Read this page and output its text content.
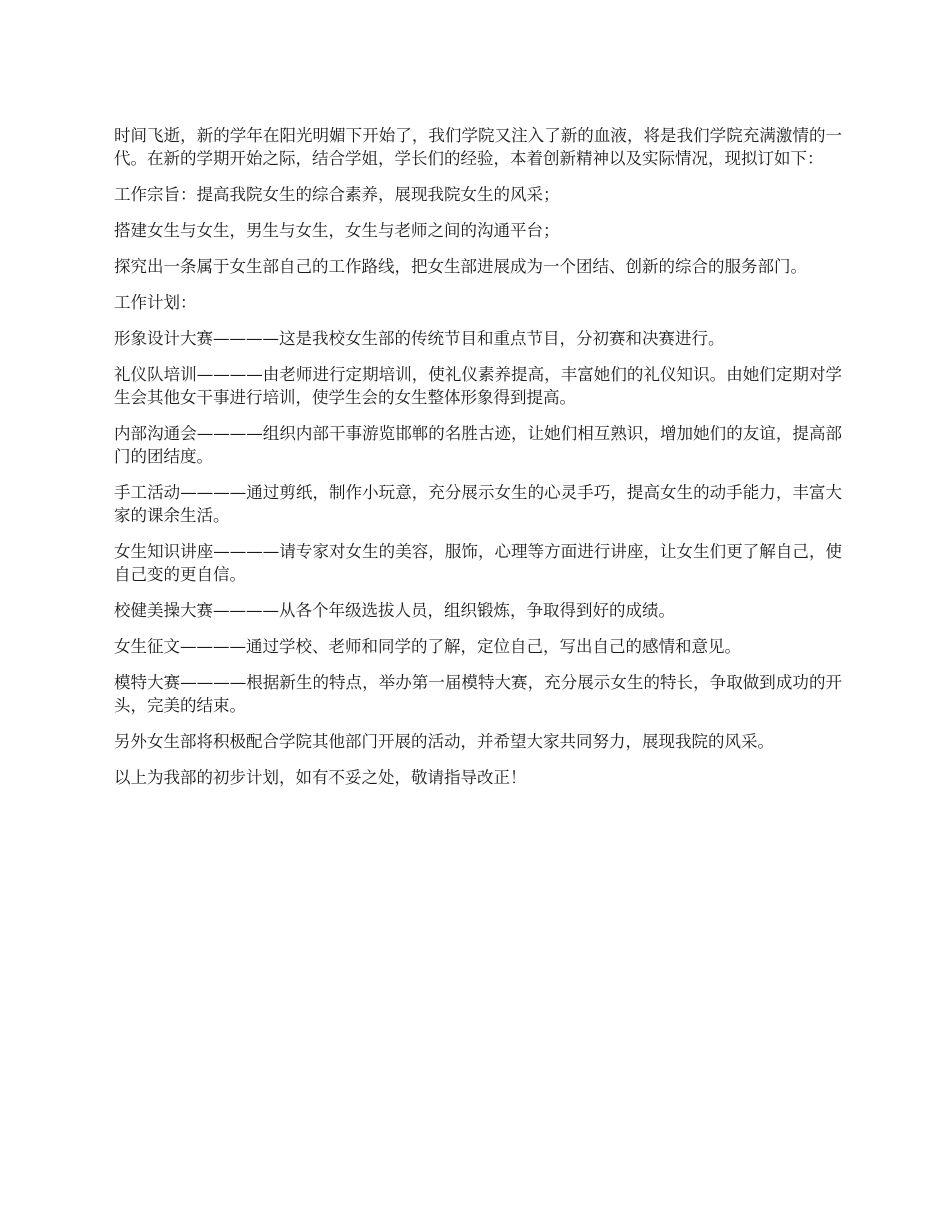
时间飞逝，新的学年在阳光明媚下开始了，我们学院又注入了新的血液，将是我们学院充满激情的一代。在新的学期开始之际，结合学姐，学长们的经验，本着创新精神以及实际情况，现拟订如下：

工作宗旨：提高我院女生的综合素养，展现我院女生的风采；

搭建女生与女生，男生与女生，女生与老师之间的沟通平台；

探究出一条属于女生部自己的工作路线，把女生部进展成为一个团结、创新的综合的服务部门。

工作计划：

形象设计大赛————这是我校女生部的传统节目和重点节目，分初赛和决赛进行。

礼仪队培训————由老师进行定期培训，使礼仪素养提高，丰富她们的礼仪知识。由她们定期对学生会其他女干事进行培训，使学生会的女生整体形象得到提高。

内部沟通会————组织内部干事游览邯郸的名胜古迹，让她们相互熟识，增加她们的友谊，提高部门的团结度。

手工活动————通过剪纸，制作小玩意，充分展示女生的心灵手巧，提高女生的动手能力，丰富大家的课余生活。

女生知识讲座————请专家对女生的美容，服饰，心理等方面进行讲座，让女生们更了解自己，使自己变的更自信。

校健美操大赛————从各个年级选拔人员，组织锻炼，争取得到好的成绩。

女生征文————通过学校、老师和同学的了解，定位自己，写出自己的感情和意见。

模特大赛————根据新生的特点，举办第一届模特大赛，充分展示女生的特长，争取做到成功的开头，完美的结束。

另外女生部将积极配合学院其他部门开展的活动，并希望大家共同努力，展现我院的风采。

以上为我部的初步计划，如有不妥之处，敬请指导改正！
